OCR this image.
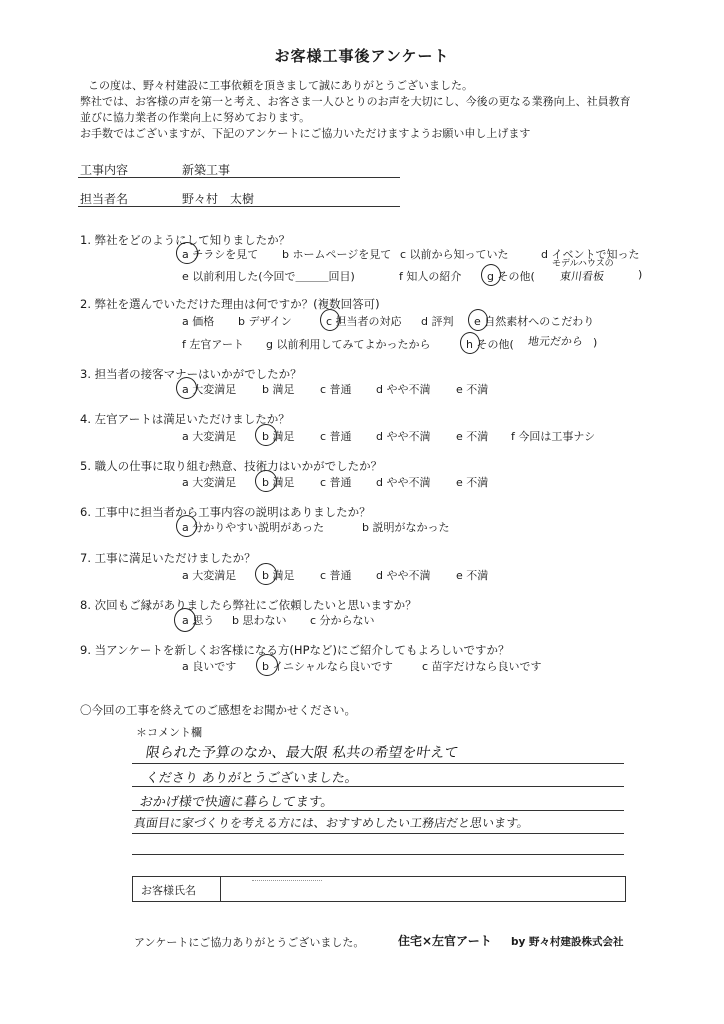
お客様工事後アンケート
この度は、野々村建設に工事依頼を頂きまして誠にありがとうございました。
弊社では、お客様の声を第一と考え、お客さま一人ひとりのお声を大切にし、今後の更なる業務向上、社員教育
並びに協力業者の作業向上に努めております。
お手数ではございますが、下記のアンケートにご協力いただけますようお願い申し上げます
工事内容	新築工事
担当者名	野々村　太樹
1. 弊社をどのようにして知りましたか？
a チラシを見て b ホームページを見て c 以前から知っていた	d イベントで知った
e 以前利用した(今回で＿＿＿回目)	f 知人の紹介 g その他(	)
モデルハウスの
東川看板
2. 弊社を選んでいただけた理由は何ですか？(複数回答可)
a 価格 b デザイン	c 担当者の対応 d 評判 e 自然素材へのこだわり
f 左官アート g 以前利用してみてよかったから	h その他(	)
地元だから
3. 担当者の接客マナーはいかがでしたか？
a 大変満足 b 満足 c 普通 d やや不満 e 不満
4. 左官アートは満足いただけましたか？
a 大変満足 b 満足 c 普通 d やや不満 e 不満 f 今回は工事ナシ
5. 職人の仕事に取り組む熱意、技術力はいかがでしたか？
a 大変満足 b 満足 c 普通 d やや不満 e 不満
6. 工事中に担当者から工事内容の説明はありましたか？
a 分かりやすい説明があった	b 説明がなかった
7. 工事に満足いただけましたか？
a 大変満足 b 満足 c 普通 d やや不満 e 不満
8. 次回もご縁がありましたら弊社にご依頼したいと思いますか？
a 思う b 思わない c 分からない
9. 当アンケートを新しくお客様になる方(HPなど)にご紹介してもよろしいですか？
a 良いです b イニシャルなら良いです	c 苗字だけなら良いです
〇今回の工事を終えてのご感想をお聞かせください。
＊コメント欄
限られた予算のなか、最大限 私共の希望を叶えて
くださり ありがとうございました。
おかげ様で快適に暮らしてます。
真面目に家づくりを考える方には、おすすめしたい工務店だと思います。
お客様氏名
アンケートにご協力ありがとうございました。	住宅×左官アート by 野々村建設株式会社
